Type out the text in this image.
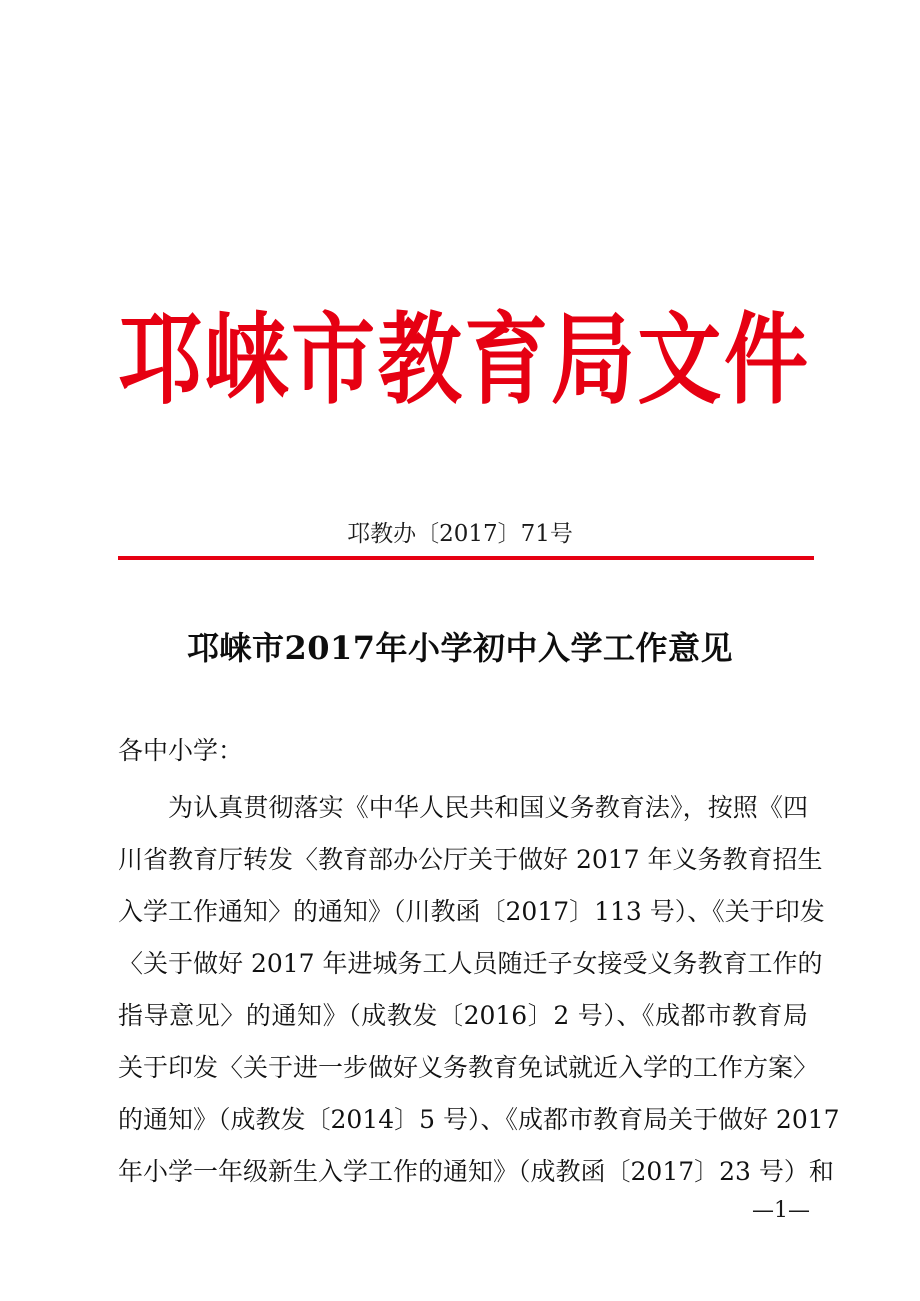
邛 崃 市 教 育 局 文 件
邛教办〔2017〕71号
邛崃市2017年小学初中入学工作意见
各中小学：
为认真贯彻落实《中华人民共和国义务教育法》，按照《四
川省教育厅转发〈教育部办公厅关于做好 2017 年义务教育招生
入学工作通知〉的通知》（川教函〔2017〕113 号）、《关于印发
〈关于做好 2017 年进城务工人员随迁子女接受义务教育工作的
指导意见〉的通知》（成教发〔2016〕2 号）、《成都市教育局
关于印发〈关于进一步做好义务教育免试就近入学的工作方案〉
的通知》（成教发〔2014〕5 号）、《成都市教育局关于做好 2017
年小学一年级新生入学工作的通知》（成教函〔2017〕23 号）和
—1—
